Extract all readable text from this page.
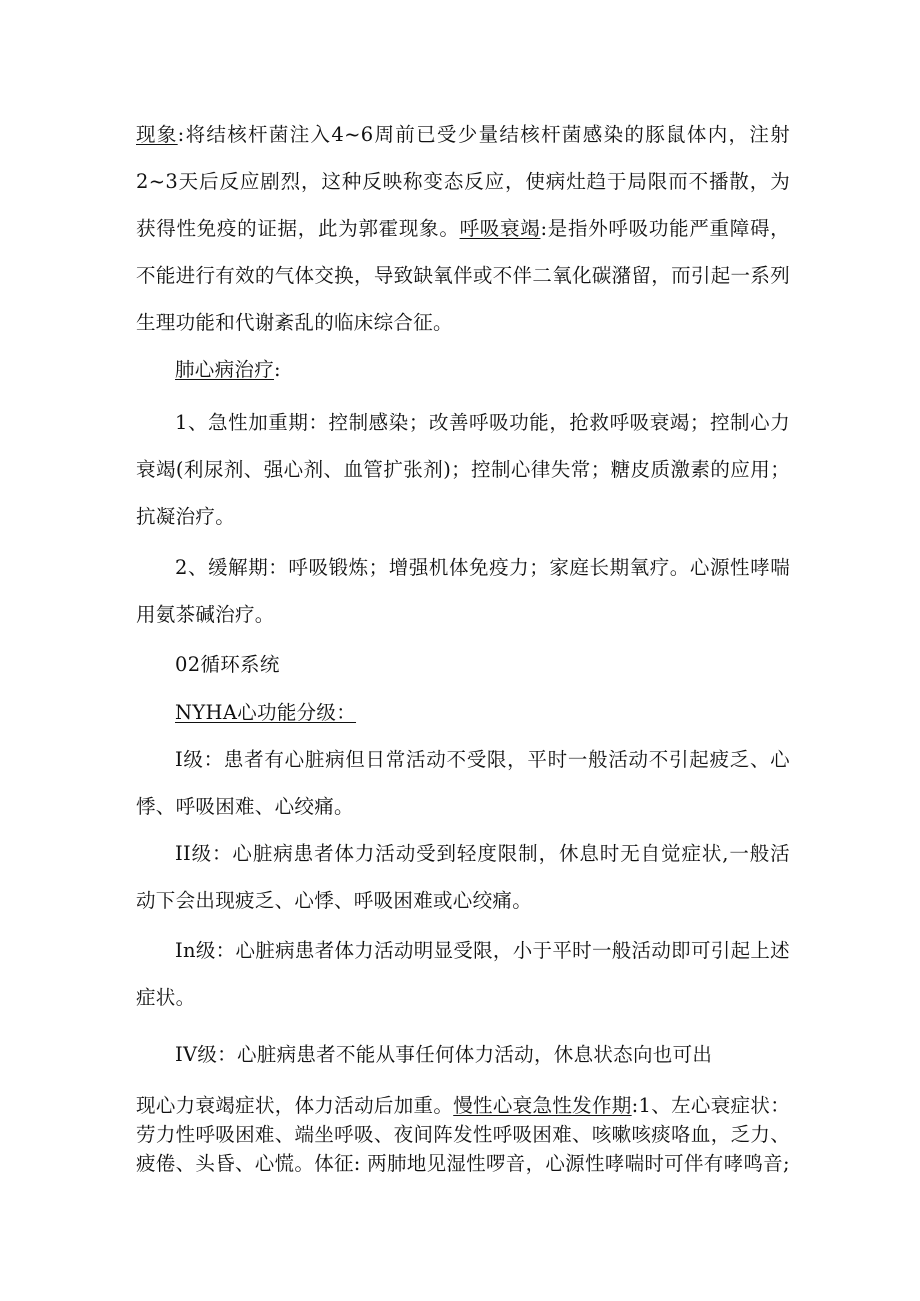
现象:将结核杆菌注入4~6周前已受少量结核杆菌感染的豚鼠体内，注射2~3天后反应剧烈，这种反映称变态反应，使病灶趋于局限而不播散，为获得性免疫的证据，此为郭霍现象。呼吸衰竭:是指外呼吸功能严重障碍，不能进行有效的气体交换，导致缺氧伴或不伴二氧化碳潴留，而引起一系列生理功能和代谢紊乱的临床综合征。

肺心病治疗:

1、急性加重期：控制感染；改善呼吸功能，抢救呼吸衰竭；控制心力衰竭(利尿剂、强心剂、血管扩张剂)；控制心律失常；糖皮质激素的应用；抗凝治疗。

2、缓解期：呼吸锻炼；增强机体免疫力；家庭长期氧疗。心源性哮喘用氨茶碱治疗。

02循环系统

NYHA心功能分级：

I级：患者有心脏病但日常活动不受限，平时一般活动不引起疲乏、心悸、呼吸困难、心绞痛。

II级：心脏病患者体力活动受到轻度限制，休息时无自觉症状,一般活动下会出现疲乏、心悸、呼吸困难或心绞痛。

In级：心脏病患者体力活动明显受限，小于平时一般活动即可引起上述症状。

IV级：心脏病患者不能从事任何体力活动，休息状态向也可出

现心力衰竭症状，体力活动后加重。慢性心衰急性发作期:1、左心衰症状：劳力性呼吸困难、端坐呼吸、夜间阵发性呼吸困难、咳嗽咳痰咯血，乏力、疲倦、头昏、心慌。体征: 两肺地见湿性啰音，心源性哮喘时可伴有哮鸣音;
